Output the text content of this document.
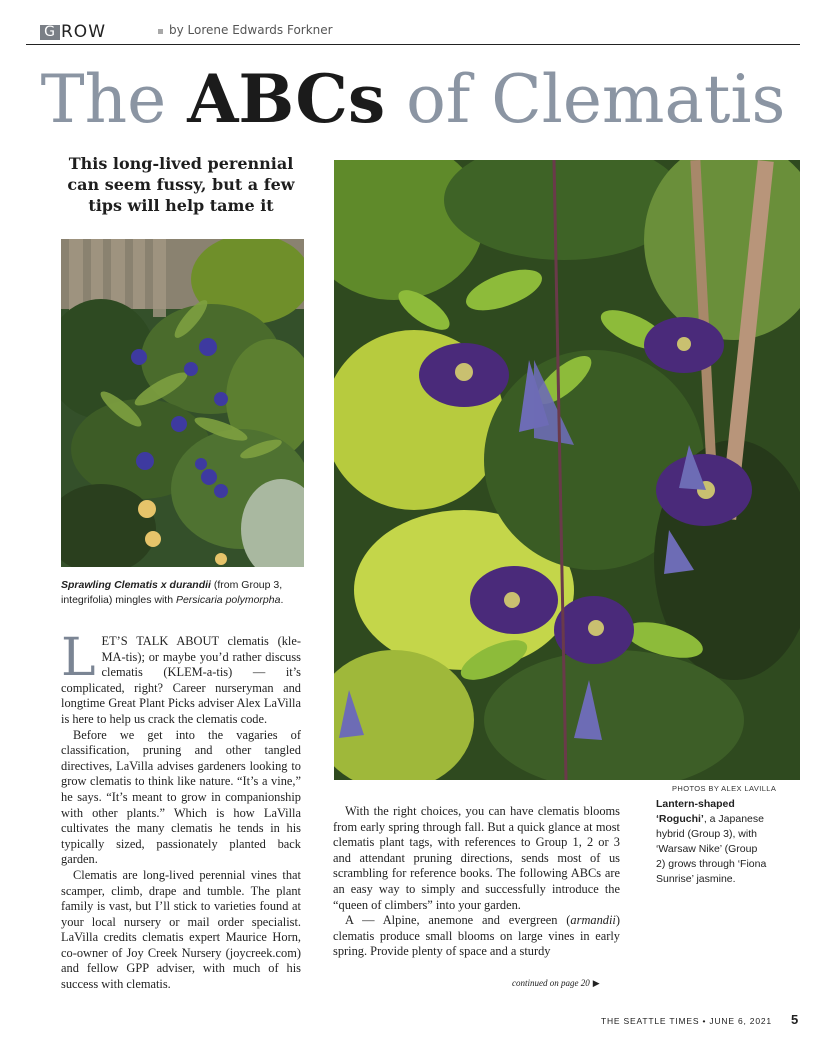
G ROW	by Lorene Edwards Forkner
The ABCs of Clematis
This long-lived perennial can seem fussy, but a few tips will help tame it
Sprawling Clematis x durandii (from Group 3, integrifolia) mingles with Persicaria polymorpha.
PHOTOS BY ALEX LAVILLA
Lantern-shaped ‘Roguchi’, a Japanese hybrid (Group 3), with ‘Warsaw Nike’ (Group 2) grows through ‘Fiona Sunrise’ jasmine.

LET’S TALK ABOUT clematis (kle-MA-tis); or maybe you’d rather discuss clematis (KLEM-a-tis) — it’s complicated, right? Career nurseryman and longtime Great Plant Picks adviser Alex LaVilla is here to help us crack the clematis code.

Before we get into the vagaries of classification, pruning and other tangled directives, LaVilla advises gardeners looking to grow clematis to think like nature. “It’s a vine,” he says. “It’s meant to grow in companionship with other plants.” Which is how LaVilla cultivates the many clematis he tends in his typically sized, passionately planted back garden.

Clematis are long-lived perennial vines that scamper, climb, drape and tumble. The plant family is vast, but I’ll stick to varieties found at your local nursery or mail order specialist. LaVilla credits clematis expert Maurice Horn, co-owner of Joy Creek Nursery (joycreek.com) and fellow GPP adviser, with much of his success with clematis.

With the right choices, you can have clematis blooms from early spring through fall. But a quick glance at most clematis plant tags, with references to Group 1, 2 or 3 and attendant pruning directions, sends most of us scrambling for reference books. The following ABCs are an easy way to simply and successfully introduce the “queen of climbers” into your garden.

A — Alpine, anemone and evergreen (armandii) clematis produce small blooms on large vines in early spring. Provide plenty of space and a sturdy

continued on page 20 ▶
THE SEATTLE TIMES • JUNE 6, 2021 5
